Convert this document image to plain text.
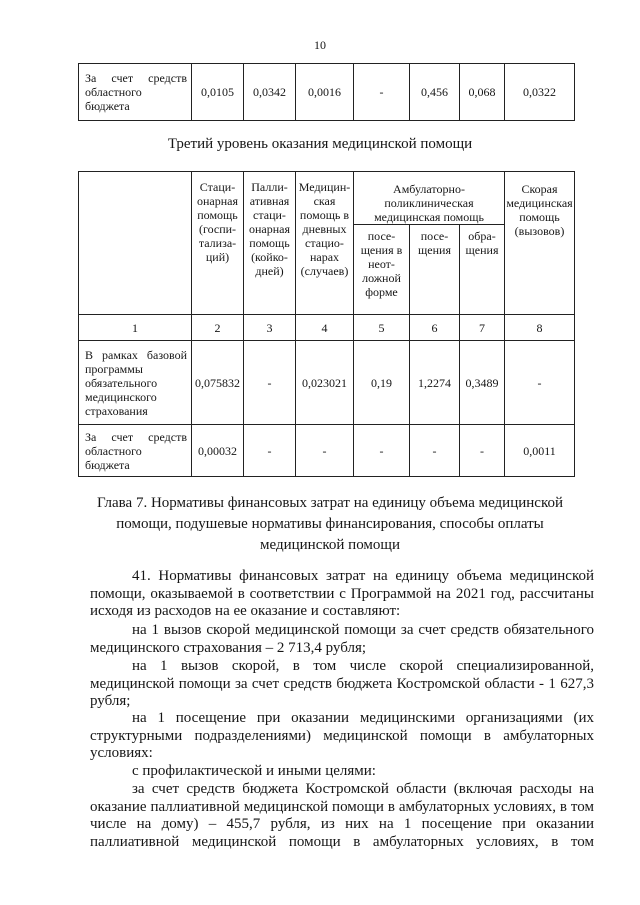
10
За счет средств областного бюджета	0,0105	0,0342	0,0016	-	0,456	0,068	0,0322
Третий уровень оказания медицинской помощи
	Стаци- онарная помощь (госпи- тализа- ций)	Палли- ативная стаци- онарная помощь (койко- дней)	Медицин- ская помощь в дневных стацио- нарах (случаев)	Амбулаторно- поликлиническая медицинская помощь			Скорая медицинская помощь (вызовов)
				посе- щения в неот- ложной форме	посе- щения	обра- щения	
1	2	3	4	5	6	7	8
В рамках базовой программы обязательного медицинского страхования	0,075832	-	0,023021	0,19	1,2274	0,3489	-
За счет средств областного бюджета	0,00032	-	-	-	-	-	0,0011
Глава 7. Нормативы финансовых затрат на единицу объема медицинской помощи, подушевые нормативы финансирования, способы оплаты медицинской помощи

41. Нормативы финансовых затрат на единицу объема медицинской помощи, оказываемой в соответствии с Программой на 2021 год, рассчитаны исходя из расходов на ее оказание и составляют:

на 1 вызов скорой медицинской помощи за счет средств обязательного медицинского страхования – 2 713,4 рубля;

на 1 вызов скорой, в том числе скорой специализированной, медицинской помощи за счет средств бюджета Костромской области - 1 627,3 рубля;

на 1 посещение при оказании медицинскими организациями (их структурными подразделениями) медицинской помощи в амбулаторных условиях:

с профилактической и иными целями:

за счет средств бюджета Костромской области (включая расходы на оказание паллиативной медицинской помощи в амбулаторных условиях, в том числе на дому) – 455,7 рубля, из них на 1 посещение при оказании паллиативной медицинской помощи в амбулаторных условиях, в том
